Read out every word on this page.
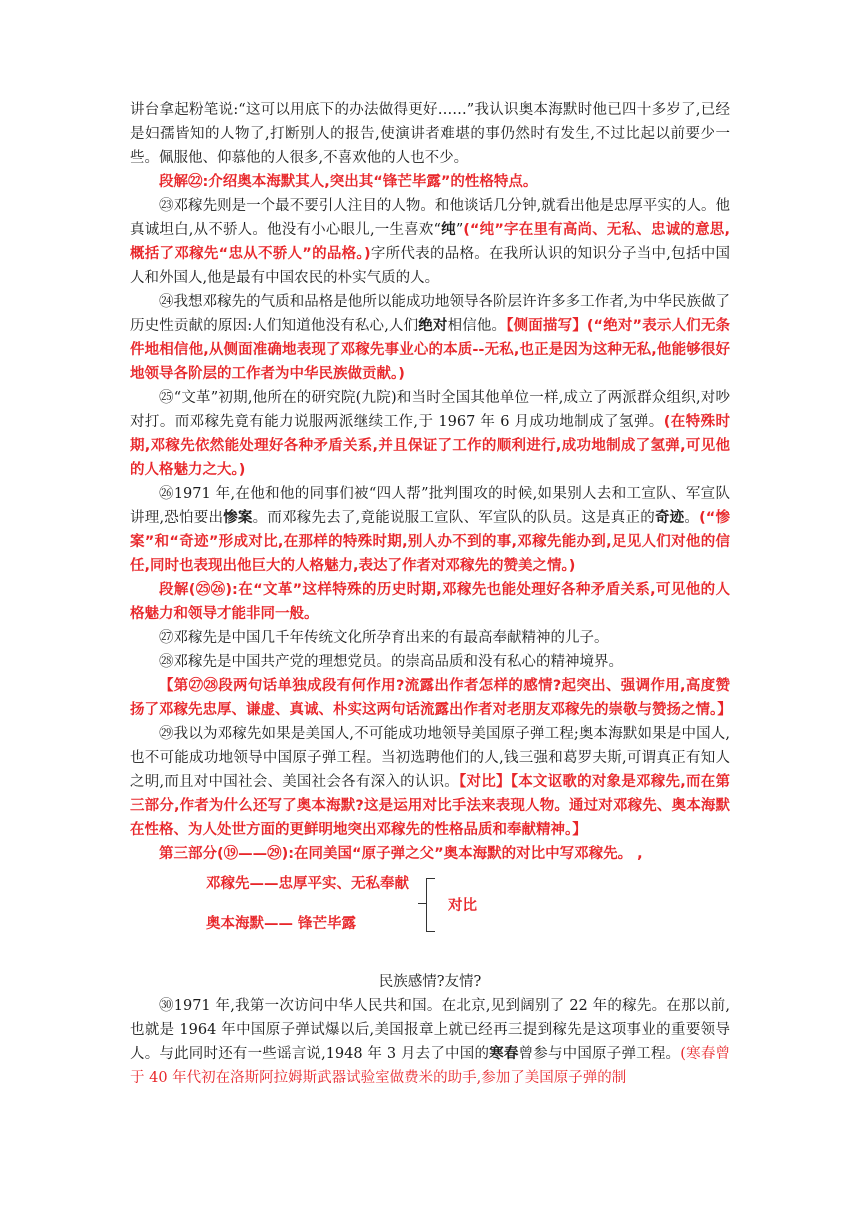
讲台拿起粉笔说:“这可以用底下的办法做得更好……”我认识奥本海默时他已四十多岁了,已经是妇孺皆知的人物了,打断别人的报告,使演讲者难堪的事仍然时有发生,不过比起以前要少一些。佩服他、仰慕他的人很多,不喜欢他的人也不少。

段解㉒:介绍奥本海默其人,突出其“锋芒毕露”的性格特点。

㉓邓稼先则是一个最不要引人注目的人物。和他谈话几分钟,就看出他是忠厚平实的人。他真诚坦白,从不骄人。他没有小心眼儿,一生喜欢“纯”(“纯”字在里有高尚、无私、忠诚的意思,概括了邓稼先“忠从不骄人”的品格。)字所代表的品格。在我所认识的知识分子当中,包括中国人和外国人,他是最有中国农民的朴实气质的人。

㉔我想邓稼先的气质和品格是他所以能成功地领导各阶层许许多多工作者,为中华民族做了历史性贡献的原因:人们知道他没有私心,人们绝对相信他。【侧面描写】(“绝对”表示人们无条件地相信他,从侧面准确地表现了邓稼先事业心的本质--无私,也正是因为这种无私,他能够很好地领导各阶层的工作者为中华民族做贡献。)

㉕“文革”初期,他所在的研究院(九院)和当时全国其他单位一样,成立了两派群众组织,对吵对打。而邓稼先竟有能力说服两派继续工作,于 1967 年 6 月成功地制成了氢弹。(在特殊时期,邓稼先依然能处理好各种矛盾关系,并且保证了工作的顺利进行,成功地制成了氢弹,可见他的人格魅力之大。)

㉖1971 年,在他和他的同事们被“四人帮”批判围攻的时候,如果别人去和工宣队、军宣队讲理,恐怕要出惨案。而邓稼先去了,竟能说服工宣队、军宣队的队员。这是真正的奇迹。(“惨案”和“奇迹”形成对比,在那样的特殊时期,别人办不到的事,邓稼先能办到,足见人们对他的信任,同时也表现出他巨大的人格魅力,表达了作者对邓稼先的赞美之情。)

段解(㉕㉖):在“文革”这样特殊的历史时期,邓稼先也能处理好各种矛盾关系,可见他的人格魅力和领导才能非同一般。

㉗邓稼先是中国几千年传统文化所孕育出来的有最高奉献精神的儿子。

㉘邓稼先是中国共产党的理想党员。的崇高品质和没有私心的精神境界。

【第㉗㉘段两句话单独成段有何作用?流露出作者怎样的感情?起突出、强调作用,高度赞扬了邓稼先忠厚、谦虚、真诚、朴实这两句话流露出作者对老朋友邓稼先的崇敬与赞扬之情。】

㉙我以为邓稼先如果是美国人,不可能成功地领导美国原子弹工程;奥本海默如果是中国人,也不可能成功地领导中国原子弹工程。当初选聘他们的人,钱三强和葛罗夫斯,可谓真正有知人之明,而且对中国社会、美国社会各有深入的认识。【对比】【本文讴歌的对象是邓稼先,而在第三部分,作者为什么还写了奥本海默?这是运用对比手法来表现人物。通过对邓稼先、奥本海默在性格、为人处世方面的更鲜明地突出邓稼先的性格品质和奉献精神。】

第三部分(⑲——㉙):在同美国“原子弹之父”奥本海默的对比中写邓稼先。 ,

邓稼先——忠厚平实、无私奉献
奥本海默—— 锋芒毕露
对比

民族感情?友情?

㉚1971 年,我第一次访问中华人民共和国。在北京,见到阔别了 22 年的稼先。在那以前,也就是 1964 年中国原子弹试爆以后,美国报章上就已经再三提到稼先是这项事业的重要领导人。与此同时还有一些谣言说,1948 年 3 月去了中国的寒春曾参与中国原子弹工程。(寒春曾于 40 年代初在洛斯阿拉姆斯武器试验室做费米的助手,参加了美国原子弹的制
